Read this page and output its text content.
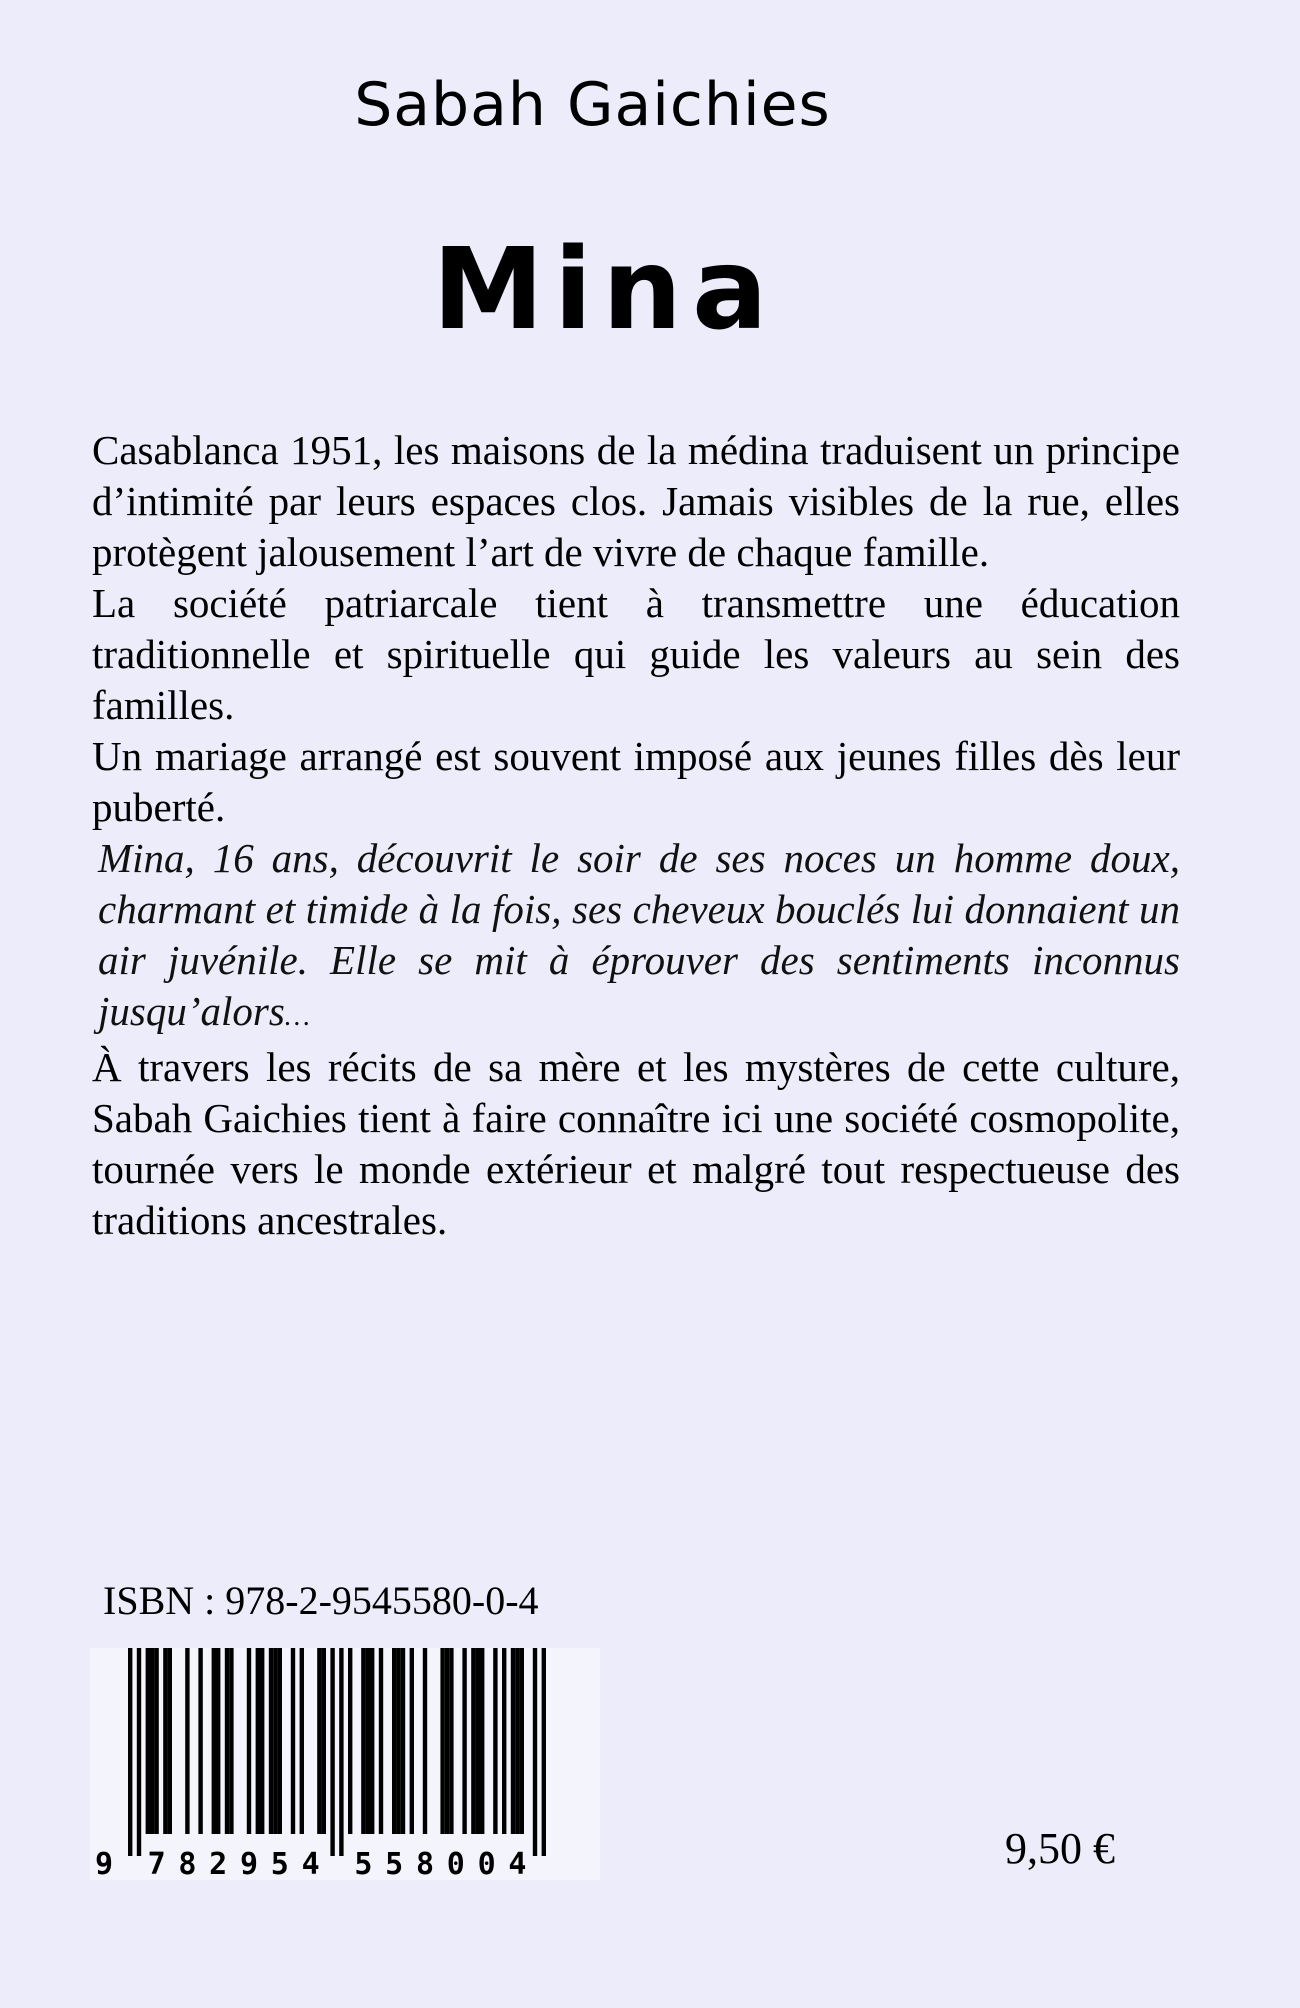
Sabah Gaichies
Mina

Casablanca 1951, les maisons de la médina traduisent un principe d’intimité par leurs espaces clos. Jamais visibles de la rue, elles protègent jalousement l’art de vivre de chaque famille.

La société patriarcale tient à transmettre une éducation traditionnelle et spirituelle qui guide les valeurs au sein des familles.

Un mariage arrangé est souvent imposé aux jeunes filles dès leur puberté.

Mina, 16 ans, découvrit le soir de ses noces un homme doux, charmant et timide à la fois, ses cheveux bouclés lui donnaient un air juvénile. Elle se mit à éprouver des sentiments inconnus jusqu’alors…

À travers les récits de sa mère et les mystères de cette culture, Sabah Gaichies tient à faire connaître ici une société cosmopolite, tournée vers le monde extérieur et malgré tout respectueuse des traditions ancestrales.

ISBN : 978-2-9545580-0-4
9 7 8 2 9 5 4 5 5 8 0 0 4	9,50 €
